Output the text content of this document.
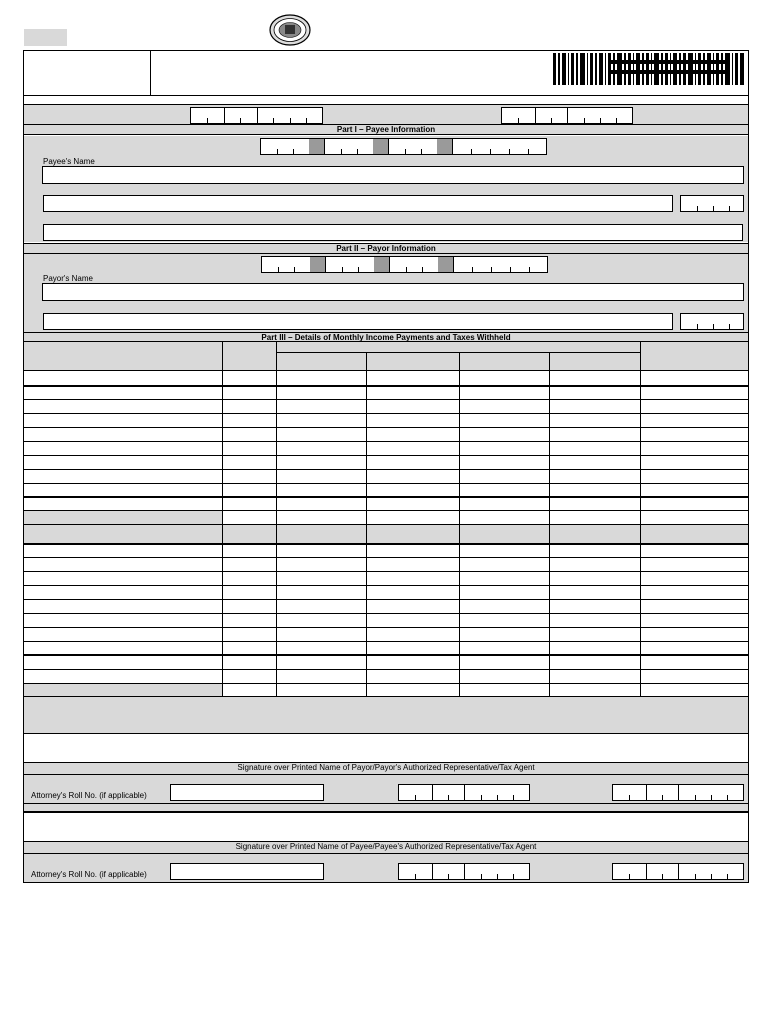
Part I – Payee Information
Payee's Name
Part II – Payor Information
Payor's Name
Part III – Details of Monthly Income Payments and Taxes Withheld
Signature over Printed Name of Payor/Payor's Authorized Representative/Tax Agent
Attorney's Roll No. (if applicable)
Signature over Printed Name of Payee/Payee's Authorized Representative/Tax Agent
Attorney's Roll No. (if applicable)
